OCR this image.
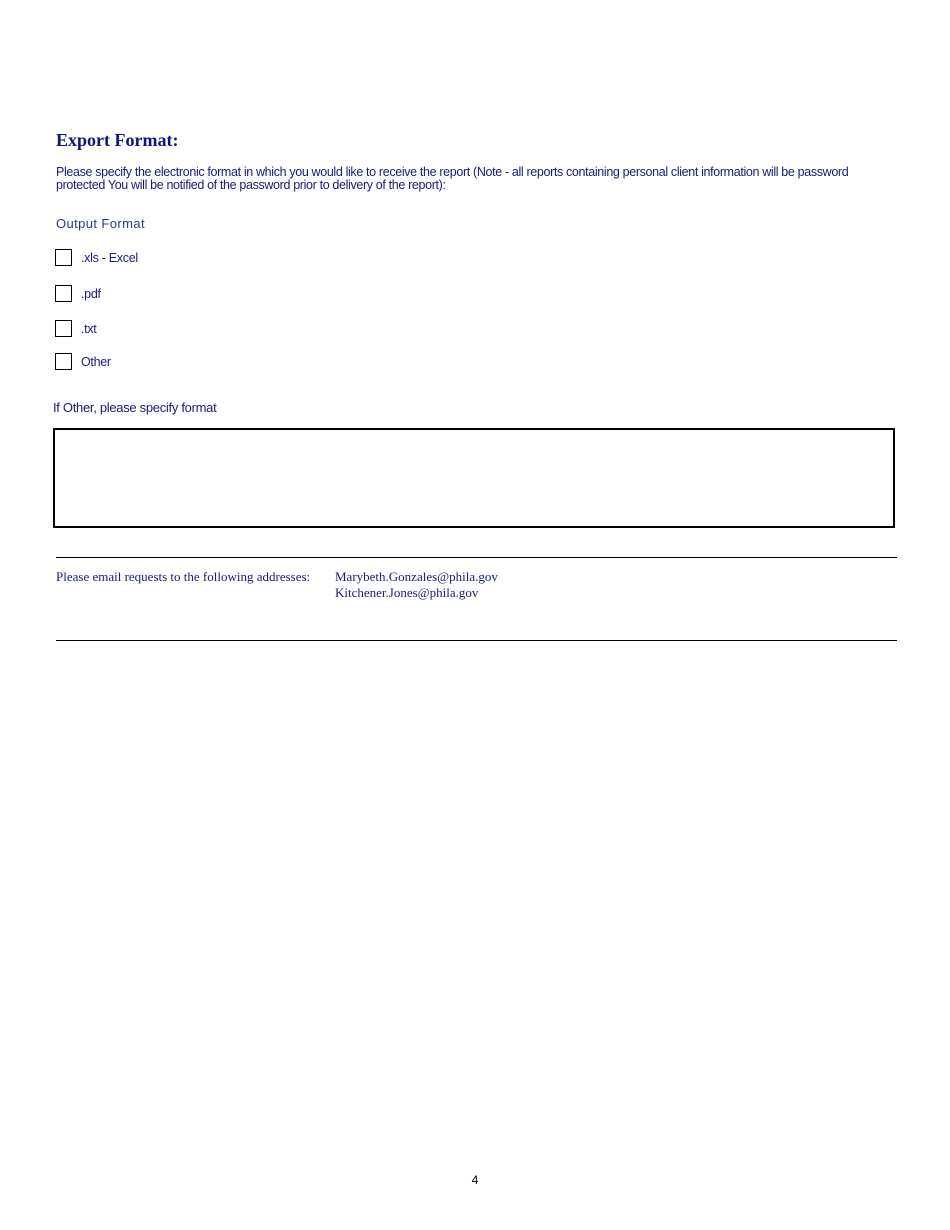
Export Format:
Please specify the electronic format in which you would like to receive the report (Note - all reports containing personal client information will be password protected You will be notified of the password prior to delivery of the report):
Output Format
.xls - Excel
.pdf
.txt
Other
If Other, please specify format
Please email requests to the following addresses: Marybeth.Gonzales@phila.gov
Kitchener.Jones@phila.gov
4
